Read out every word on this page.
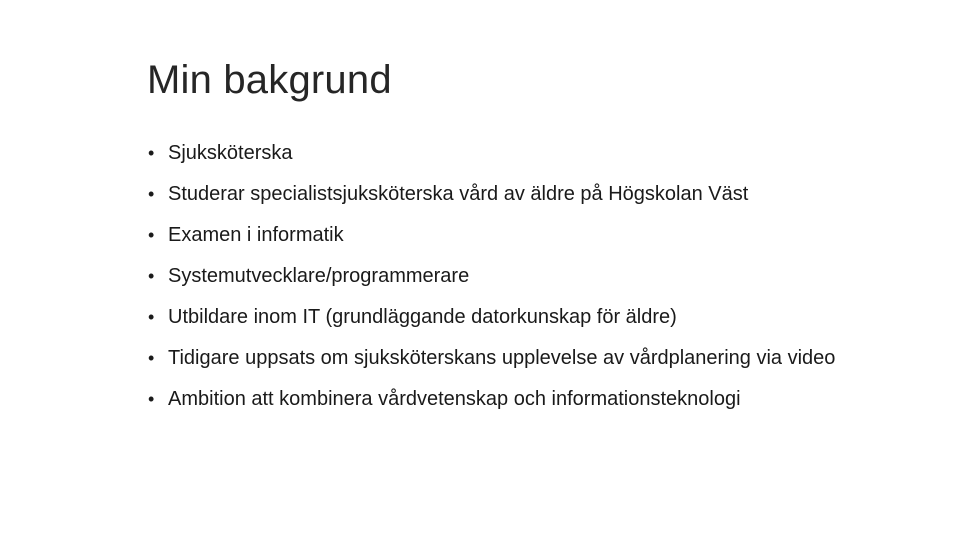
Min bakgrund
• Sjuksköterska
• Studerar specialistsjuksköterska vård av äldre på Högskolan Väst
• Examen i informatik
• Systemutvecklare/programmerare
• Utbildare inom IT (grundläggande datorkunskap för äldre)
• Tidigare uppsats om sjuksköterskans upplevelse av vårdplanering via video
• Ambition att kombinera vårdvetenskap och informationsteknologi
